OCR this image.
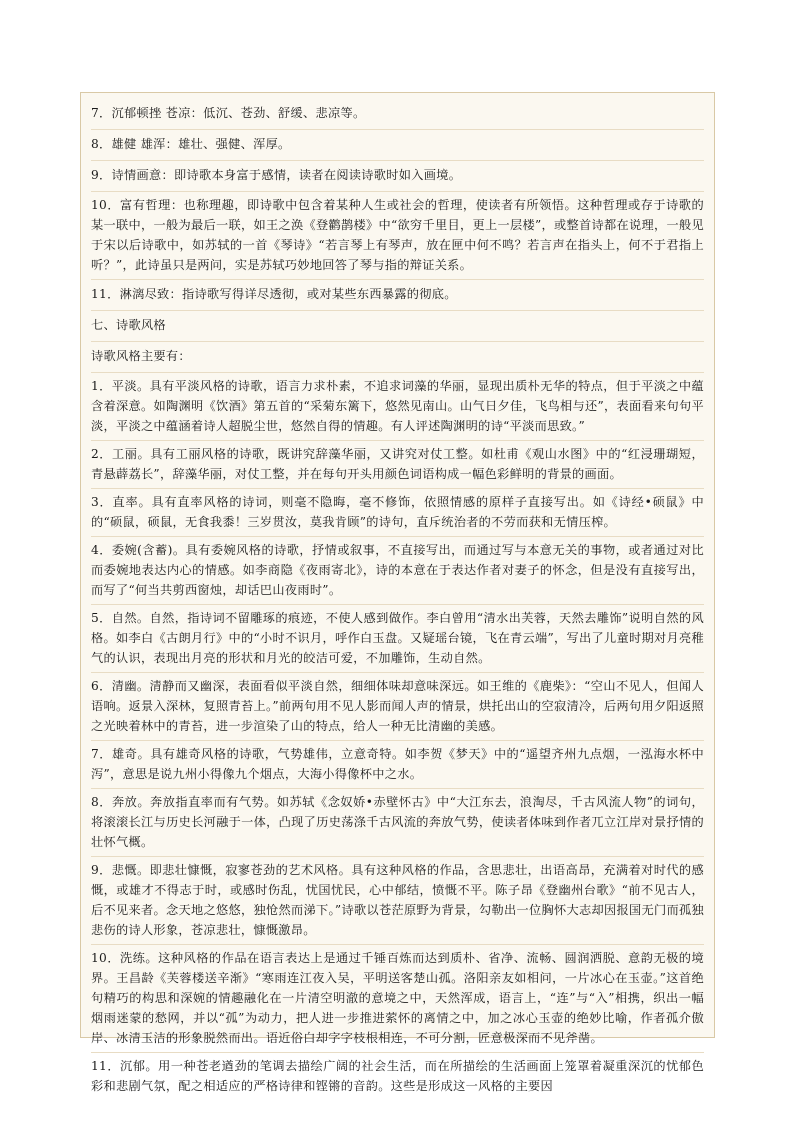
7．沉郁顿挫 苍凉：低沉、苍劲、舒缓、悲凉等。
8．雄健 雄浑：雄壮、强健、浑厚。
9．诗情画意：即诗歌本身富于感情，读者在阅读诗歌时如入画境。
10．富有哲理：也称理趣，即诗歌中包含着某种人生或社会的哲理，使读者有所领悟。这种哲理或存于诗歌的某一联中，一般为最后一联，如王之涣《登鹳鹊楼》中“欲穷千里目，更上一层楼”，或整首诗都在说理，一般见于宋以后诗歌中，如苏轼的一首《琴诗》“若言琴上有琴声，放在匣中何不鸣？若言声在指头上，何不于君指上听？”，此诗虽只是两问，实是苏轼巧妙地回答了琴与指的辩证关系。
11．淋漓尽致：指诗歌写得详尽透彻，或对某些东西暴露的彻底。
七、诗歌风格
诗歌风格主要有：
1．平淡。具有平淡风格的诗歌，语言力求朴素，不追求词藻的华丽，显现出质朴无华的特点，但于平淡之中蕴含着深意。如陶渊明《饮酒》第五首的“采菊东篱下，悠然见南山。山气日夕佳，飞鸟相与还”，表面看来句句平淡，平淡之中蕴涵着诗人超脱尘世，悠然自得的情趣。有人评述陶渊明的诗“平淡而思致。”
2．工丽。具有工丽风格的诗歌，既讲究辞藻华丽，又讲究对仗工整。如杜甫《观山水图》中的“红浸珊瑚短，青悬薜荔长”，辞藻华丽，对仗工整，并在每句开头用颜色词语构成一幅色彩鲜明的背景的画面。
3．直率。具有直率风格的诗词，则毫不隐晦，毫不修饰，依照情感的原样子直接写出。如《诗经•硕鼠》中的“硕鼠，硕鼠，无食我黍！三岁贯汝，莫我肯顾”的诗句，直斥统治者的不劳而获和无情压榨。
4．委婉(含蓄)。具有委婉风格的诗歌，抒情或叙事，不直接写出，而通过写与本意无关的事物，或者通过对比而委婉地表达内心的情感。如李商隐《夜雨寄北》，诗的本意在于表达作者对妻子的怀念，但是没有直接写出，而写了“何当共剪西窗烛，却话巴山夜雨时”。
5．自然。自然，指诗词不留雕琢的痕迹，不使人感到做作。李白曾用“清水出芙蓉，天然去雕饰”说明自然的风格。如李白《古朗月行》中的“小时不识月，呼作白玉盘。又疑瑶台镜，飞在青云端”，写出了儿童时期对月亮稚气的认识，表现出月亮的形状和月光的皎洁可爱，不加雕饰，生动自然。
6．清幽。清静而又幽深，表面看似平淡自然，细细体味却意味深远。如王维的《鹿柴》：“空山不见人，但闻人语响。返景入深林，复照青苔上。”前两句用不见人影而闻人声的情景，烘托出山的空寂清冷，后两句用夕阳返照之光映着林中的青苔，进一步渲染了山的特点，给人一种无比清幽的美感。
7．雄奇。具有雄奇风格的诗歌，气势雄伟，立意奇特。如李贺《梦天》中的“遥望齐州九点烟，一泓海水杯中泻”，意思是说九州小得像九个烟点，大海小得像杯中之水。
8．奔放。奔放指直率而有气势。如苏轼《念奴娇•赤壁怀古》中“大江东去，浪淘尽，千古风流人物”的词句，将滚滚长江与历史长河融于一体，凸现了历史荡涤千古风流的奔放气势，使读者体味到作者兀立江岸对景抒情的壮怀气概。
9．悲慨。即悲壮慷慨，寂寥苍劲的艺术风格。具有这种风格的作品，含思悲壮，出语高昂，充满着对时代的感慨，或雄才不得志于时，或感时伤乱，忧国忧民，心中郁结，愤慨不平。陈子昂《登幽州台歌》“前不见古人，后不见来者。念天地之悠悠，独怆然而涕下。”诗歌以苍茫原野为背景，勾勒出一位胸怀大志却因报国无门而孤独悲伤的诗人形象，苍凉悲壮，慷慨激昂。
10．洗练。这种风格的作品在语言表达上是通过千锤百炼而达到质朴、省净、流畅、圆润洒脱、意韵无极的境界。王昌龄《芙蓉楼送辛渐》“寒雨连江夜入吴，平明送客楚山孤。洛阳亲友如相问，一片冰心在玉壶。”这首绝句精巧的构思和深婉的情趣融化在一片清空明澈的意境之中，天然浑成，语言上，“连”与“入”相携，织出一幅烟雨迷蒙的愁网，并以“孤”为动力，把人进一步推进萦怀的离情之中，加之冰心玉壶的绝妙比喻，作者孤介傲岸、冰清玉洁的形象脱然而出。语近俗白却字字枝根相连，不可分割，匠意极深而不见斧凿。
11．沉郁。用一种苍老遒劲的笔调去描绘广阔的社会生活，而在所描绘的生活画面上笼罩着凝重深沉的忧郁色彩和悲剧气氛，配之相适应的严格诗律和铿锵的音韵。这些是形成这一风格的主要因
